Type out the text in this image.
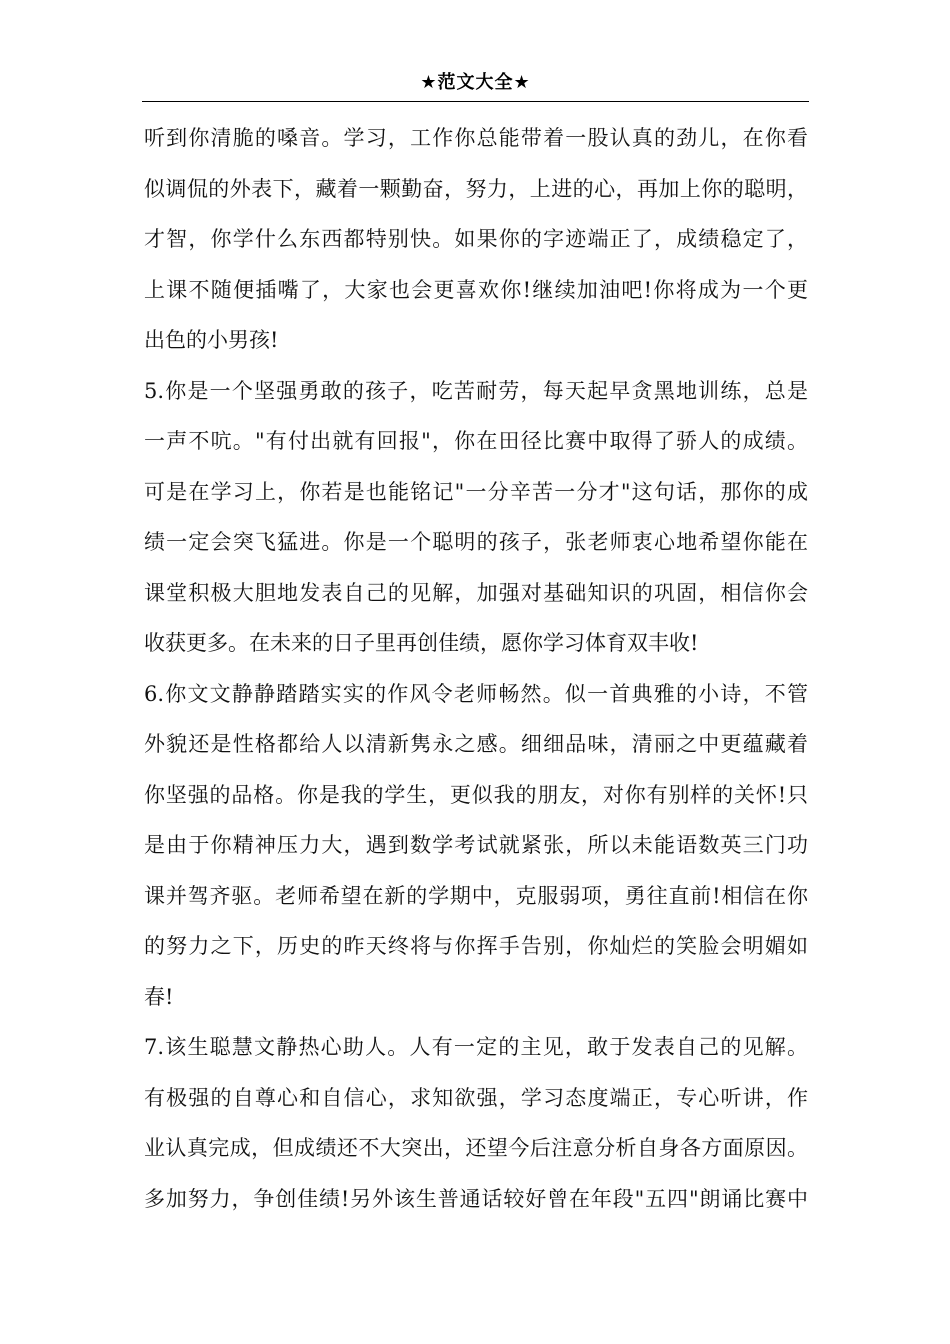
★范文大全★
听到你清脆的嗓音。学习，工作你总能带着一股认真的劲儿，在你看
似调侃的外表下，藏着一颗勤奋，努力，上进的心，再加上你的聪明，
才智，你学什么东西都特别快。如果你的字迹端正了，成绩稳定了，
上课不随便插嘴了，大家也会更喜欢你!继续加油吧!你将成为一个更
出色的小男孩!
5.你是一个坚强勇敢的孩子，吃苦耐劳，每天起早贪黑地训练，总是
一声不吭。"有付出就有回报"，你在田径比赛中取得了骄人的成绩。
可是在学习上，你若是也能铭记"一分辛苦一分才"这句话，那你的成
绩一定会突飞猛进。你是一个聪明的孩子，张老师衷心地希望你能在
课堂积极大胆地发表自己的见解，加强对基础知识的巩固，相信你会
收获更多。在未来的日子里再创佳绩，愿你学习体育双丰收!
6.你文文静静踏踏实实的作风令老师畅然。似一首典雅的小诗，不管
外貌还是性格都给人以清新隽永之感。细细品味，清丽之中更蕴藏着
你坚强的品格。你是我的学生，更似我的朋友，对你有别样的关怀!只
是由于你精神压力大，遇到数学考试就紧张，所以未能语数英三门功
课并驾齐驱。老师希望在新的学期中，克服弱项，勇往直前!相信在你
的努力之下，历史的昨天终将与你挥手告别，你灿烂的笑脸会明媚如
春!
7.该生聪慧文静热心助人。人有一定的主见，敢于发表自己的见解。
有极强的自尊心和自信心，求知欲强，学习态度端正，专心听讲，作
业认真完成，但成绩还不大突出，还望今后注意分析自身各方面原因。
多加努力，争创佳绩!另外该生普通话较好曾在年段"五四"朗诵比赛中
